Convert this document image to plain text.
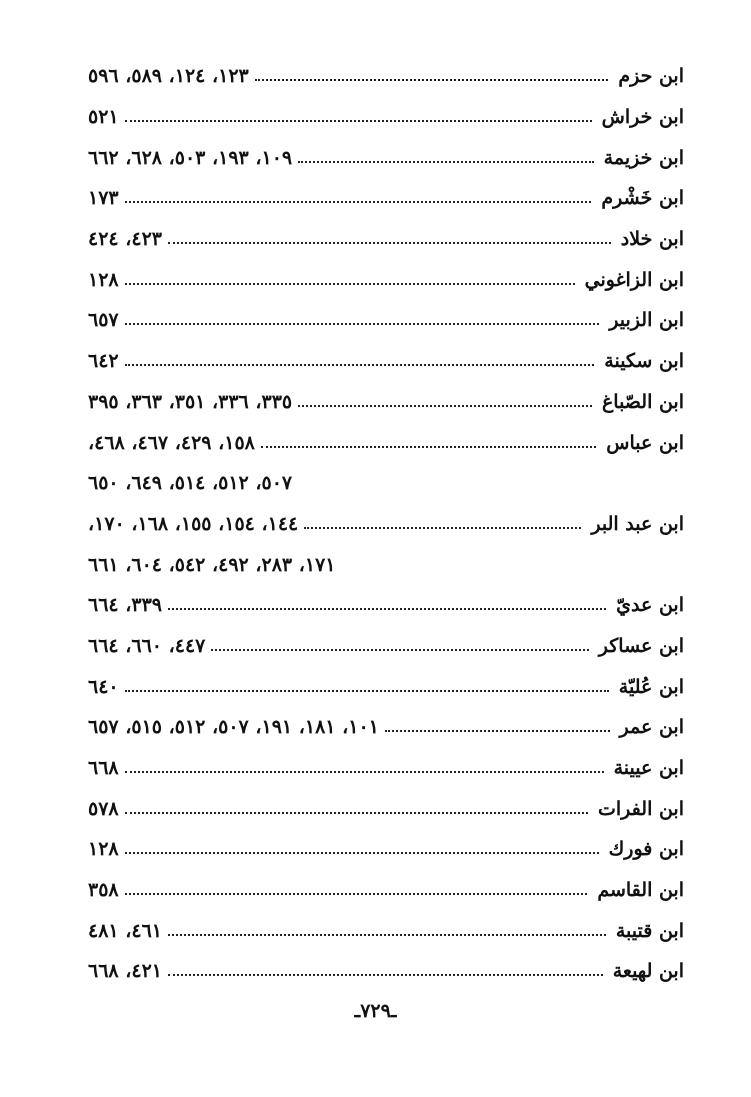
ابن حزم
١٢٣، ١٢٤، ٥٨٩، ٥٩٦
ابن خراش
٥٢١
ابن خزيمة
١٠٩، ١٩٣، ٥٠٣، ٦٢٨، ٦٦٢
ابن خَشْرم
١٧٣
ابن خلاد
٤٢٣، ٤٢٤
ابن الزاغوني
١٢٨
ابن الزبير
٦٥٧
ابن سكينة
٦٤٢
ابن الصّباغ
٣٣٥، ٣٣٦، ٣٥١، ٣٦٣، ٣٩٥
ابن عباس
١٥٨، ٤٢٩، ٤٦٧، ٤٦٨،
٥٠٧، ٥١٢، ٥١٤، ٦٤٩، ٦٥٠
ابن عبد البر
١٤٤، ١٥٤، ١٥٥، ١٦٨، ١٧٠،
١٧١، ٢٨٣، ٤٩٢، ٥٤٢، ٦٠٤، ٦٦١
ابن عديّ
٣٣٩، ٦٦٤
ابن عساكر
٤٤٧، ٦٦٠، ٦٦٤
ابن عُليّة
٦٤٠
ابن عمر
١٠١، ١٨١، ١٩١، ٥٠٧، ٥١٢، ٥١٥، ٦٥٧
ابن عيينة
٦٦٨
ابن الفرات
٥٧٨
ابن فورك
١٢٨
ابن القاسم
٣٥٨
ابن قتيبة
٤٦١، ٤٨١
ابن لهيعة
٤٢١، ٦٦٨
ـ٧٢٩ـ
